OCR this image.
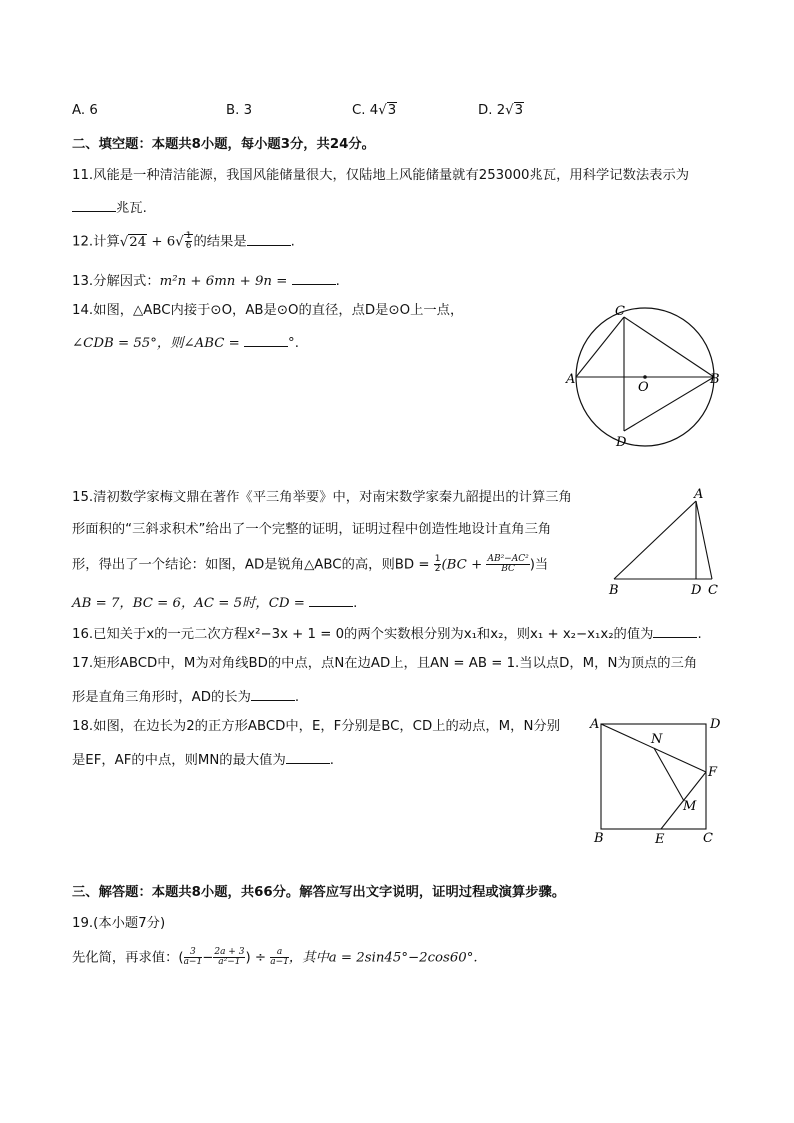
A. 6	B. 3	C. 4√3	D. 2√3
二、填空题：本题共8小题，每小题3分，共24分。
11.风能是一种清洁能源，我国风能储量很大，仅陆地上风能储量就有253000兆瓦，用科学记数法表示为
兆瓦.
12.计算$√24 + 6√ \frac{1}{6}$ 的结果是	.
13.分解因式：m²n + 6mn + 9n =	.
14.如图，△ABC内接于⊙O，AB是⊙O的直径，点D是⊙O上一点，
∠CDB = 55°，则∠ABC =	°.
C
A
O
B
D
15.清初数学家梅文鼎在著作《平三角举要》中，对南宋数学家秦九韶提出的计算三角
形面积的“三斜求积术”给出了一个完整的证明，证明过程中创造性地设计直角三角
形，得出了一个结论：如图，AD是锐角△ABC的高，则BD = $\frac{1}{2} (BC + \frac{\text{AB²−AC²}}{BC}$ )当
AB = 7，BC = 6，AC = 5时，CD =	.
A
B	D C
16.已知关于x的一元二次方程x²−3x + 1 = 0的两个实数根分别为x₁和x₂，则x₁ + x₂−x₁x₂的值为	.
17.矩形ABCD中，M为对角线BD的中点，点N在边AD上，且AN = AB = 1.当以点D，M，N为顶点的三角
形是直角三角形时，AD的长为	.
18.如图，在边长为2的正方形ABCD中，E，F分别是BC，CD上的动点，M，N分别
是EF，AF的中点，则MN的最大值为	.
A	D
N
F
M
B	E	C
三、解答题：本题共8小题，共66分。解答应写出文字说明，证明过程或演算步骤。
19.(本小题7分)
先化简，再求值：( $\frac{3}{a-1} - \frac{2a + 3}{\text{a²−1}}$ ) ÷ $\frac{a}{a-1}$ ，其中a = 2sin45°−2cos60°.
